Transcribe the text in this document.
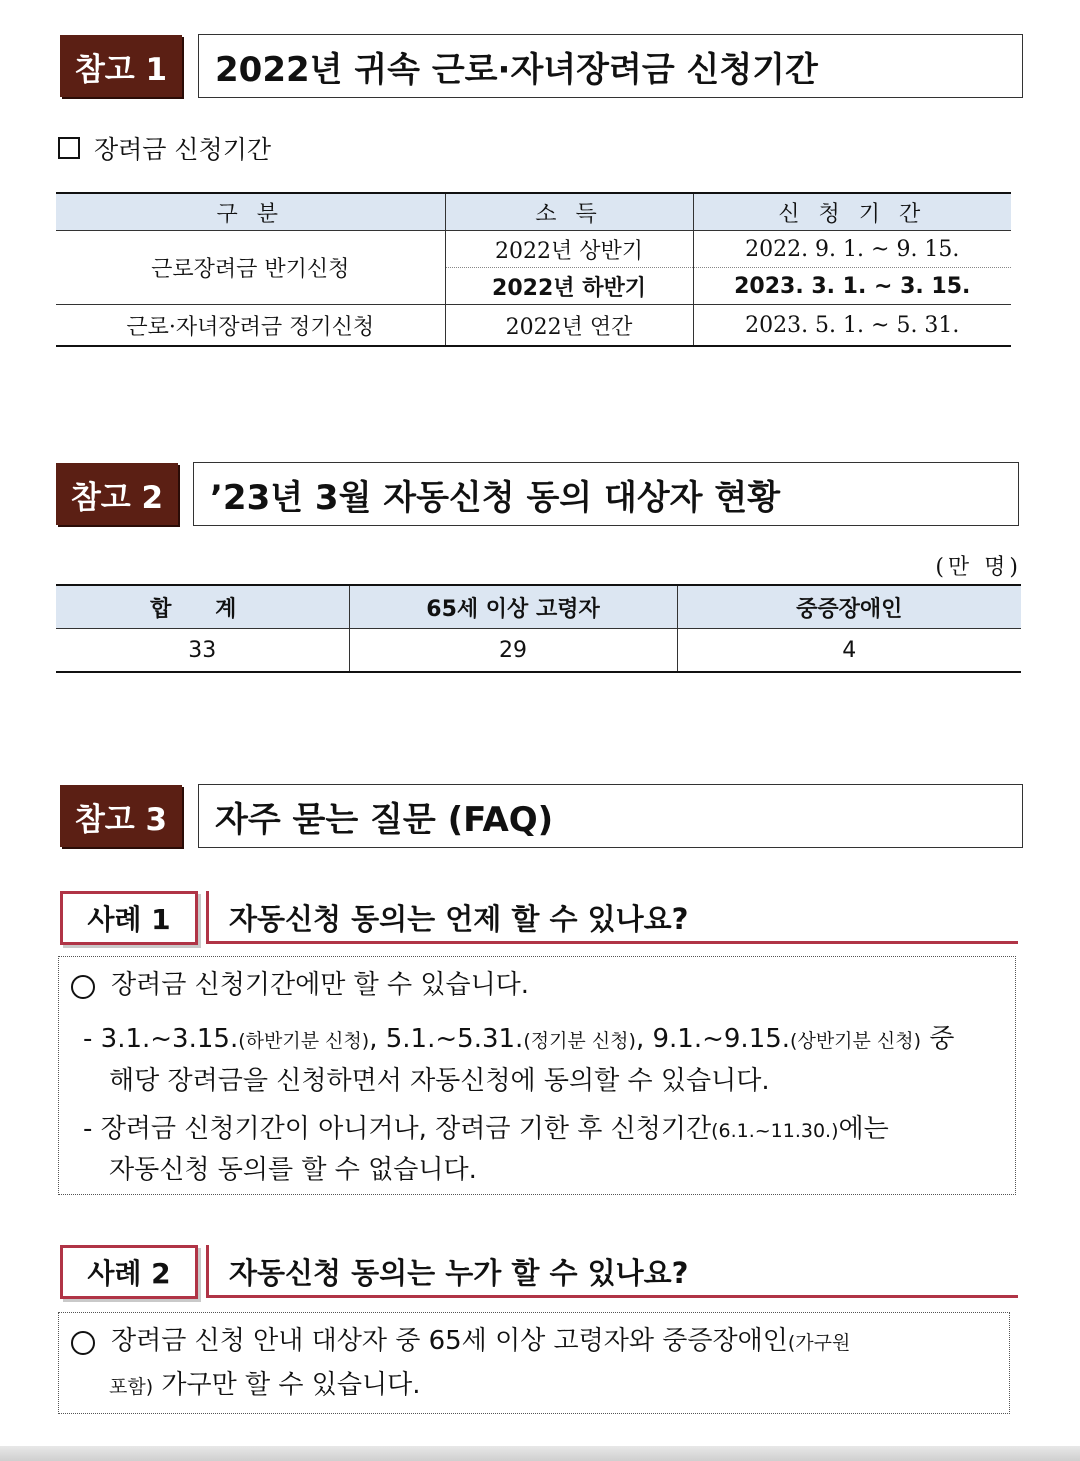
참고 1	2022년 귀속 근로·자녀장려금 신청기간
장려금 신청기간
구 분	소 득	신 청 기 간
근로장려금 반기신청	2022년 상반기	2022. 9. 1. ~ 9. 15.
	2022년 하반기	2023. 3. 1. ~ 3. 15.
근로·자녀장려금 정기신청	2022년 연간	2023. 5. 1. ~ 5. 31.
참고 2	’23년 3월 자동신청 동의 대상자 현황
(만 명)
합 계	65세 이상 고령자	중증장애인
33	29	4
참고 3	자주 묻는 질문 (FAQ)
사례 1	자동신청 동의는 언제 할 수 있나요?
장려금 신청기간에만 할 수 있습니다.
- 3.1.~3.15.(하반기분 신청), 5.1.~5.31.(정기분 신청), 9.1.~9.15.(상반기분 신청) 중
해당 장려금을 신청하면서 자동신청에 동의할 수 있습니다.
- 장려금 신청기간이 아니거나, 장려금 기한 후 신청기간(6.1.~11.30.)에는
자동신청 동의를 할 수 없습니다.
사례 2	자동신청 동의는 누가 할 수 있나요?
장려금 신청 안내 대상자 중 65세 이상 고령자와 중증장애인(가구원
포함) 가구만 할 수 있습니다.
